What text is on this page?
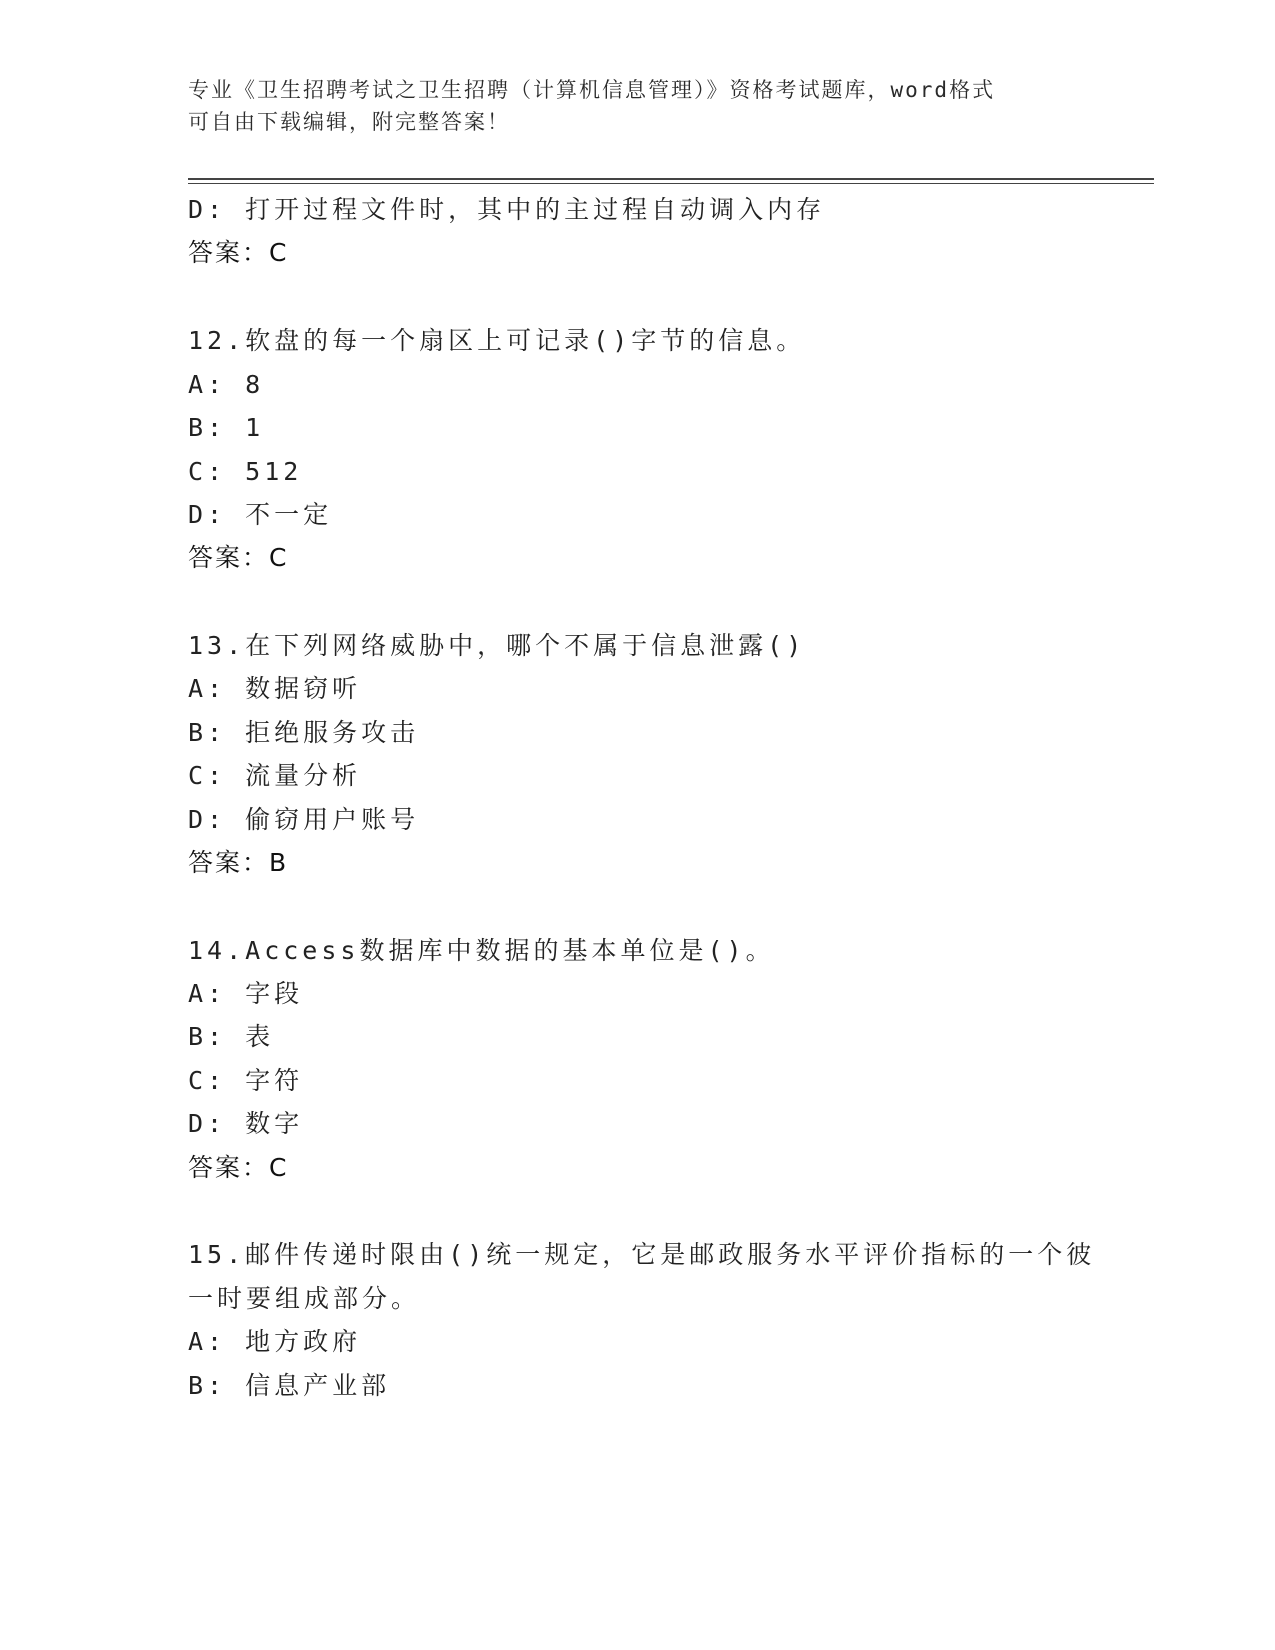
专业《卫生招聘考试之卫生招聘（计算机信息管理）》资格考试题库，word格式
可自由下载编辑，附完整答案！
D: 打开过程文件时，其中的主过程自动调入内存
答案：C
12.软盘的每一个扇区上可记录()字节的信息。
A: 8
B: 1
C: 512
D: 不一定
答案：C
13.在下列网络威胁中，哪个不属于信息泄露()
A: 数据窃听
B: 拒绝服务攻击
C: 流量分析
D: 偷窃用户账号
答案：B
14.Access数据库中数据的基本单位是()。
A: 字段
B: 表
C: 字符
D: 数字
答案：C
15.邮件传递时限由()统一规定，它是邮政服务水平评价指标的一个彼
一时要组成部分。
A: 地方政府
B: 信息产业部
